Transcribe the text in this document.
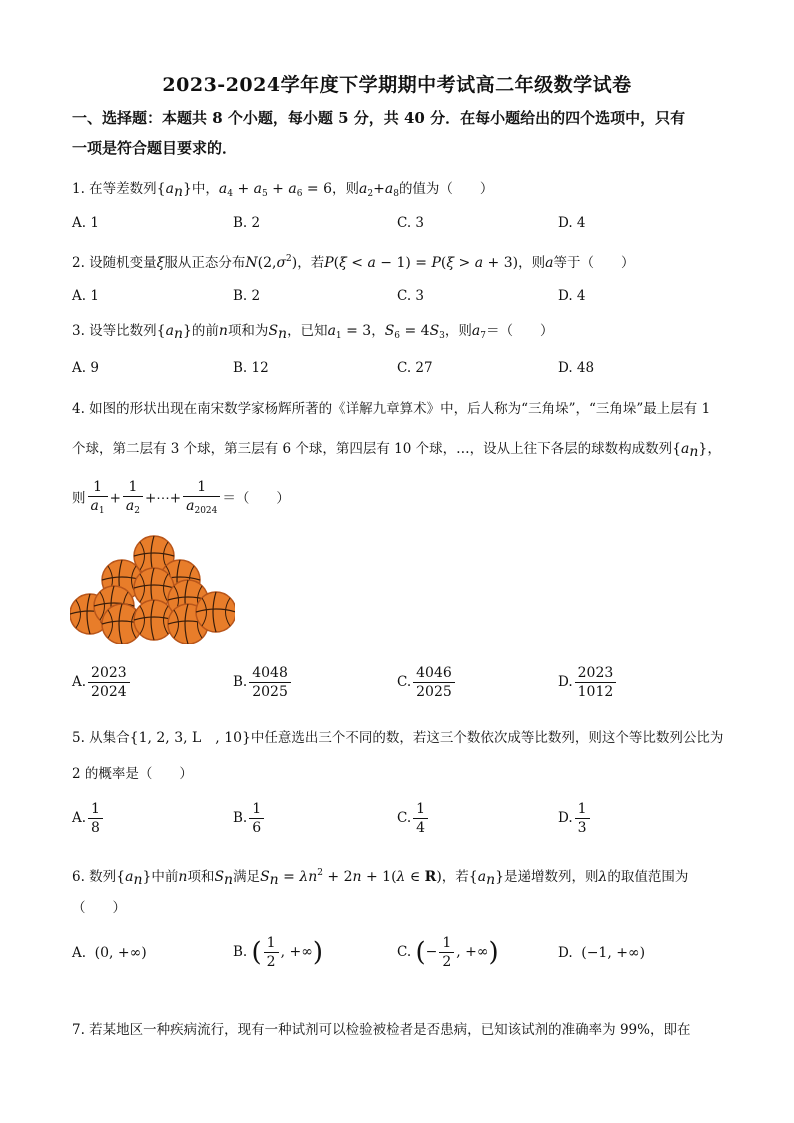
2023-2024学年度下学期期中考试高二年级数学试卷
一、选择题：本题共 8 个小题，每小题 5 分，共 40 分．在每小题给出的四个选项中，只有
一项是符合题目要求的．
1. 在等差数列$\{a_n\}$中，$a_4 + a_5 + a_6 = 6$，则$a_2+a_8$的值为（　　）
A. 1	B. 2	C. 3	D. 4
2. 设随机变量ξ服从正态分布$N(2,\sigma^2)$，若P(ξ < a − 1) = P(ξ > a + 3)，则a等于（　　）
A. 1	B. 2	C. 3	D. 4
3. 设等比数列$\{a_n\}$的前n项和为$S_n$，已知$a_1 = 3$，$S_6 = 4S_3$，则$a_7=$（　　）
A. 9	B. 12	C. 27	D. 48
4. 如图的形状出现在南宋数学家杨辉所著的《详解九章算术》中，后人称为“三角垛”，“三角垛”最上层有 1
个球，第二层有 3 个球，第三层有 6 个球，第四层有 10 个球，…，设从上往下各层的球数构成数列$\{a_n\}$，
则 $\frac{1}{a_1} + \frac{1}{a_2}$ +⋯+ $\frac{1}{a_{2024}}$ ＝（　　）
A. $\frac{2023}{2024}$	B. $\frac{4048}{2025}$	C. $\frac{4046}{2025}$	D. $\frac{2023}{1012}$
5. 从集合{1, 2, 3, L　, 10}中任意选出三个不同的数，若这三个数依次成等比数列，则这个等比数列公比为
2 的概率是（　　）
A. $\frac{1}{8}$	B. $\frac{1}{6}$	C. $\frac{1}{4}$	D. $\frac{1}{3}$
6. 数列$\{a_n\}$中前n项和$S_n$满足$S_n = \lambda n^2 + 2n + 1(\lambda$ ∈ R)，若$\{a_n\}$是递增数列，则λ的取值范围为
（　　）
A. (0, +∞)	B. ( $\frac{1}{2}$ , +∞)	C. (− $\frac{1}{2}$ , +∞)	D. (−1, +∞)
7. 若某地区一种疾病流行，现有一种试剂可以检验被检者是否患病，已知该试剂的准确率为 99%，即在
